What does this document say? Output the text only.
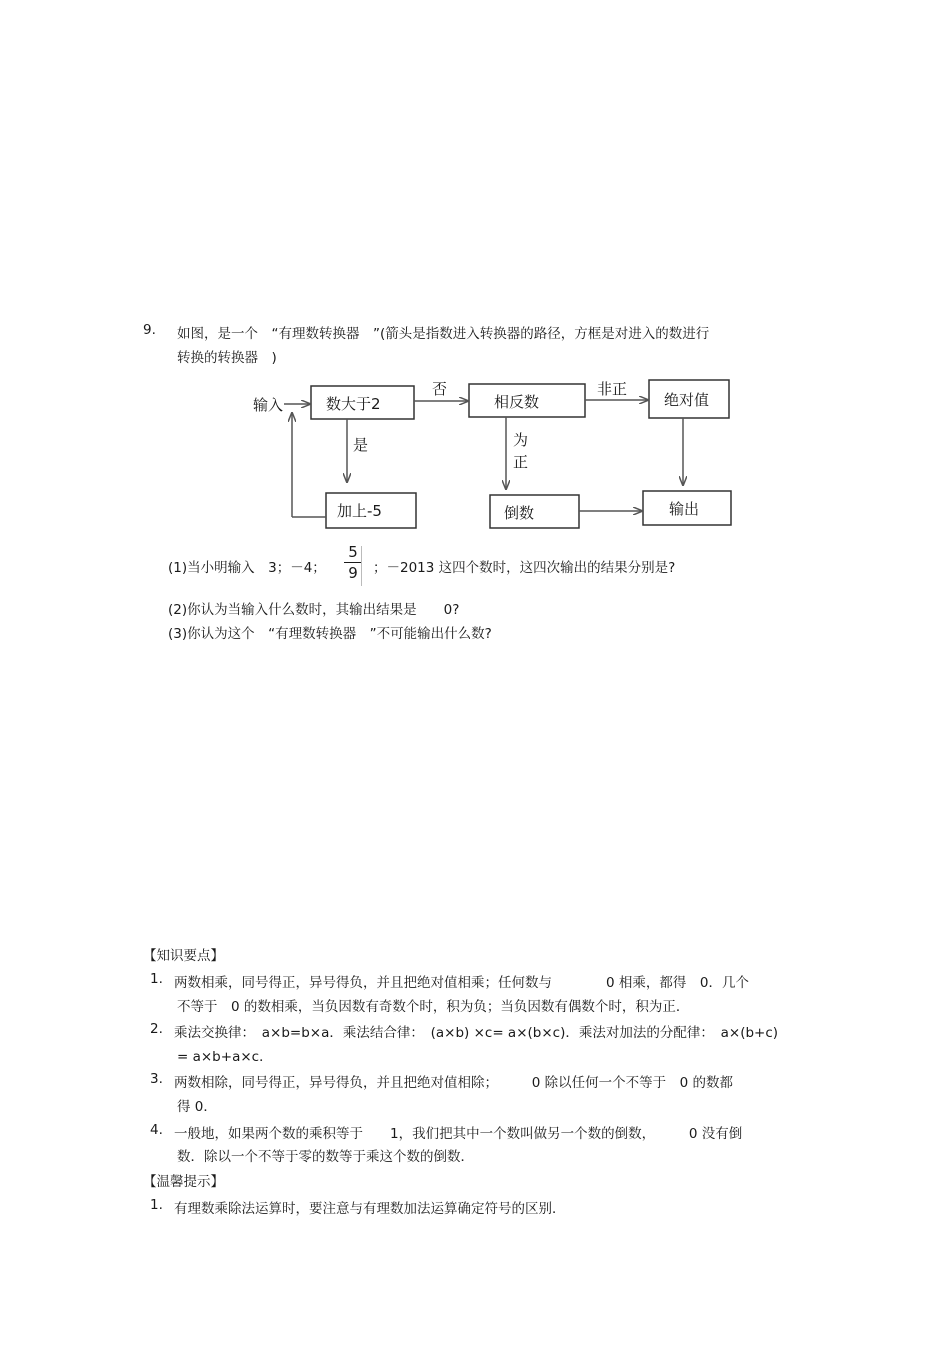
9. 如图，是一个　“有理数转换器　”(箭头是指数进入转换器的路径，方框是对进入的数进行
转换的转换器　)
输入	数大于2
否
相反数
非正
绝对值
是	为
正
加上-5	倒数	输出
(1)当小明输入　3；－4；
5
9	；－2013 这四个数时，这四次输出的结果分别是?
(2)你认为当输入什么数时，其输出结果是　　0?
(3)你认为这个　“有理数转换器　”不可能输出什么数?
【知识要点】
1. 两数相乘，同号得正，异号得负，并且把绝对值相乘；任何数与　　　　0 相乘，都得　0．几个
不等于　0 的数相乘，当负因数有奇数个时，积为负；当负因数有偶数个时，积为正．
2. 乘法交换律：　a×b=b×a．乘法结合律：　(a×b) ×c= a×(b×c)．乘法对加法的分配律：　a×(b+c)
= a×b+a×c．
3. 两数相除，同号得正，异号得负，并且把绝对值相除；　　　0 除以任何一个不等于　0 的数都
得 0．
4. 一般地，如果两个数的乘积等于　　1，我们把其中一个数叫做另一个数的倒数，　　　0 没有倒
数．除以一个不等于零的数等于乘这个数的倒数．
【温馨提示】
1. 有理数乘除法运算时，要注意与有理数加法运算确定符号的区别．
